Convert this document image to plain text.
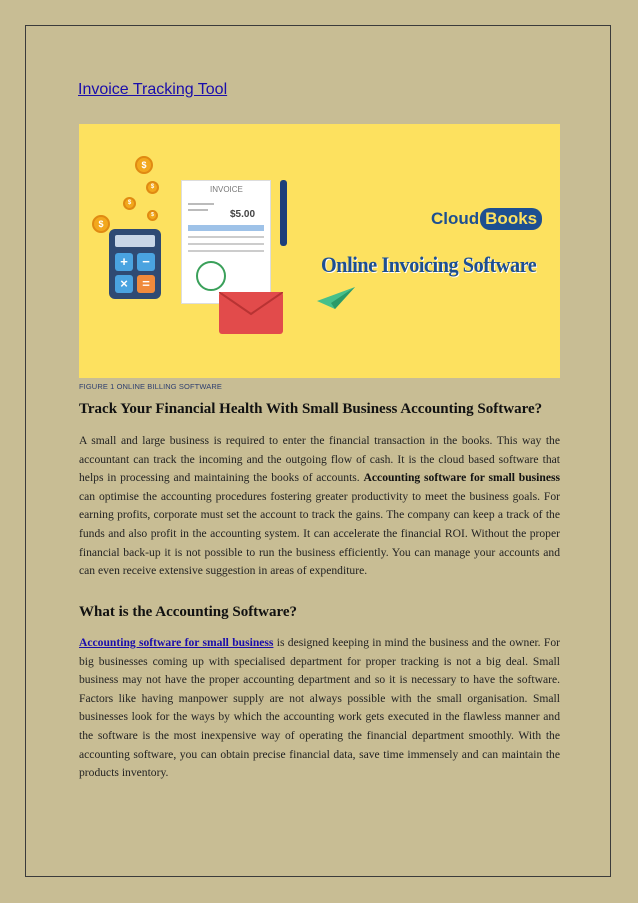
Invoice Tracking Tool
$
$
$
$
$
+	−
×	=
INVOICE
$5.00	Cloud Books
Online Invoicing Software
FIGURE 1 ONLINE BILLING SOFTWARE
Track Your Financial Health With Small Business Accounting Software?
A small and large business is required to enter the financial transaction in the books. This way the accountant can track the incoming and the outgoing flow of cash. It is the cloud based software that helps in processing and maintaining the books of accounts. Accounting software for small business can optimise the accounting procedures fostering greater productivity to meet the business goals. For earning profits, corporate must set the account to track the gains. The company can keep a track of the funds and also profit in the accounting system. It can accelerate the financial ROI. Without the proper financial back-up it is not possible to run the business efficiently. You can manage your accounts and can even receive extensive suggestion in areas of expenditure.
What is the Accounting Software?
Accounting software for small business is designed keeping in mind the business and the owner. For big businesses coming up with specialised department for proper tracking is not a big deal. Small business may not have the proper accounting department and so it is necessary to have the software. Factors like having manpower supply are not always possible with the small organisation. Small businesses look for the ways by which the accounting work gets executed in the flawless manner and the software is the most inexpensive way of operating the financial department smoothly. With the accounting software, you can obtain precise financial data, save time immensely and can maintain the products inventory.
